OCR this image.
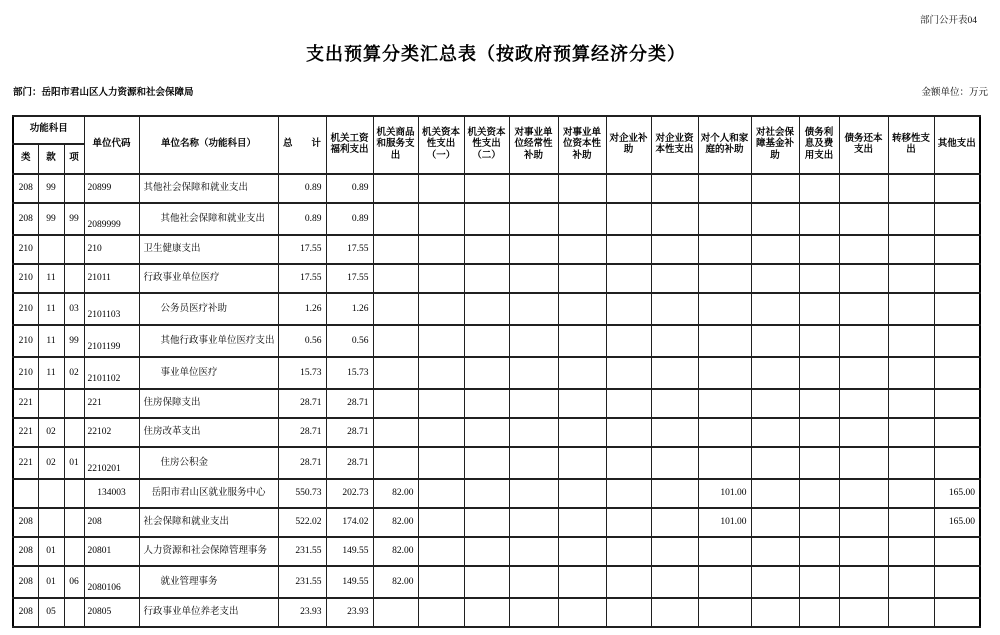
部门公开表04
支出预算分类汇总表（按政府预算经济分类）
部门：岳阳市君山区人力资源和社会保障局	金额单位：万元
功能科目			单位代码	单位名称（功能科目）	总　　计	机关工资福利支出	机关商品和服务支出	机关资本性支出（一）	机关资本性支出（二）	对事业单位经常性补助	对事业单位资本性补助	对企业补助	对企业资本性支出	对个人和家庭的补助	对社会保障基金补助	债务利息及费用支出	债务还本支出	转移性支出	其他支出
类	款	项																	
208	99		20899	其他社会保障和就业支出	0.89	0.89													
208	99	99	2089999	其他社会保障和就业支出	0.89	0.89													
210			210	卫生健康支出	17.55	17.55													
210	11		21011	行政事业单位医疗	17.55	17.55													
210	11	03	2101103	公务员医疗补助	1.26	1.26													
210	11	99	2101199	其他行政事业单位医疗支出	0.56	0.56													
210	11	02	2101102	事业单位医疗	15.73	15.73													
221			221	住房保障支出	28.71	28.71													
221	02		22102	住房改革支出	28.71	28.71													
221	02	01	2210201	住房公积金	28.71	28.71													
			134003	岳阳市君山区就业服务中心	550.73	202.73	82.00							101.00					165.00
208			208	社会保障和就业支出	522.02	174.02	82.00							101.00					165.00
208	01		20801	人力资源和社会保障管理事务	231.55	149.55	82.00												
208	01	06	2080106	就业管理事务	231.55	149.55	82.00												
208	05		20805	行政事业单位养老支出	23.93	23.93													
